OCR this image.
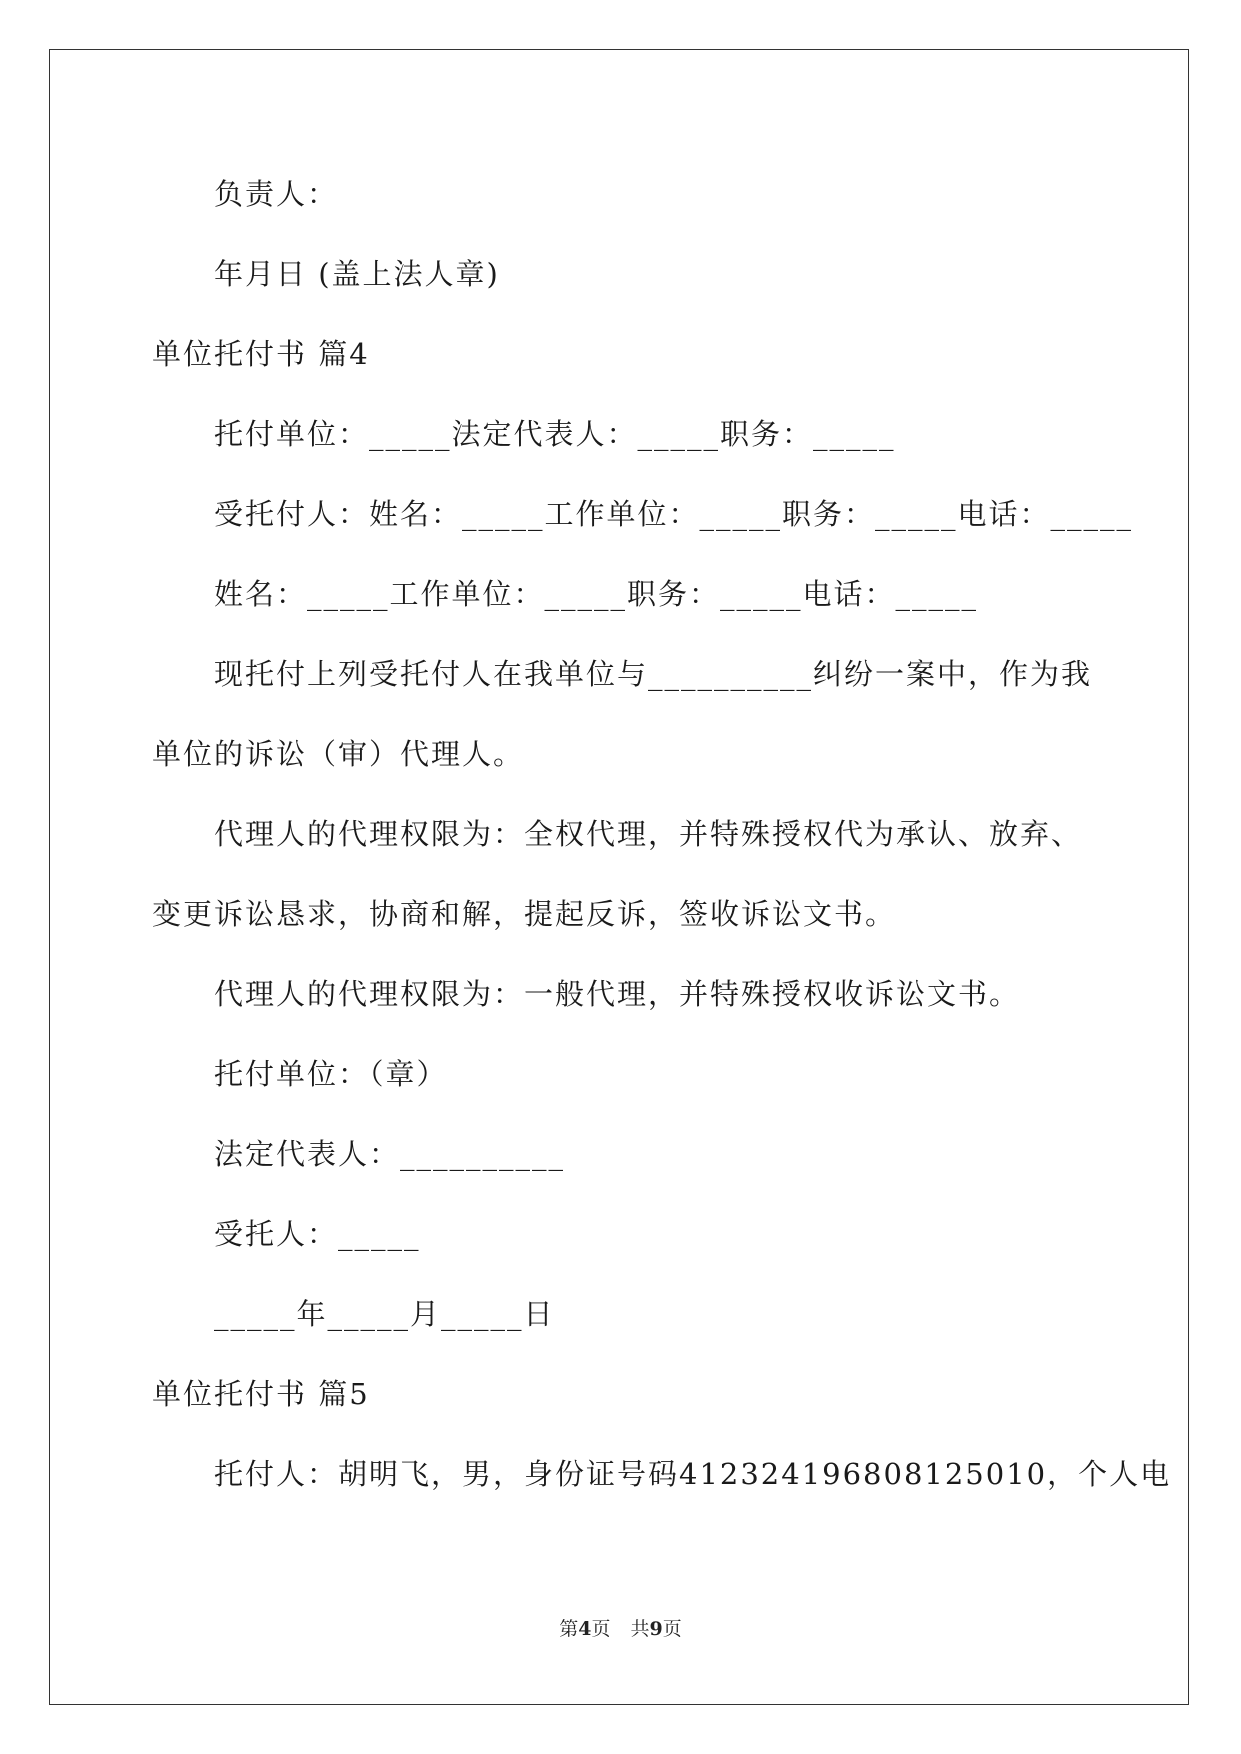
负责人：
年月日 (盖上法人章)
单位托付书 篇4
托付单位：_____法定代表人：_____职务：_____
受托付人：姓名：_____工作单位：_____职务：_____电话：_____
姓名：_____工作单位：_____职务：_____电话：_____
现托付上列受托付人在我单位与__________纠纷一案中，作为我
单位的诉讼（审）代理人。
代理人的代理权限为：全权代理，并特殊授权代为承认、放弃、
变更诉讼恳求，协商和解，提起反诉，签收诉讼文书。
代理人的代理权限为：一般代理，并特殊授权收诉讼文书。
托付单位：（章）
法定代表人：__________
受托人：_____
_____年_____月_____日
单位托付书 篇5
托付人：胡明飞，男，身份证号码412324196808125010，个人电
第4页 共9页
